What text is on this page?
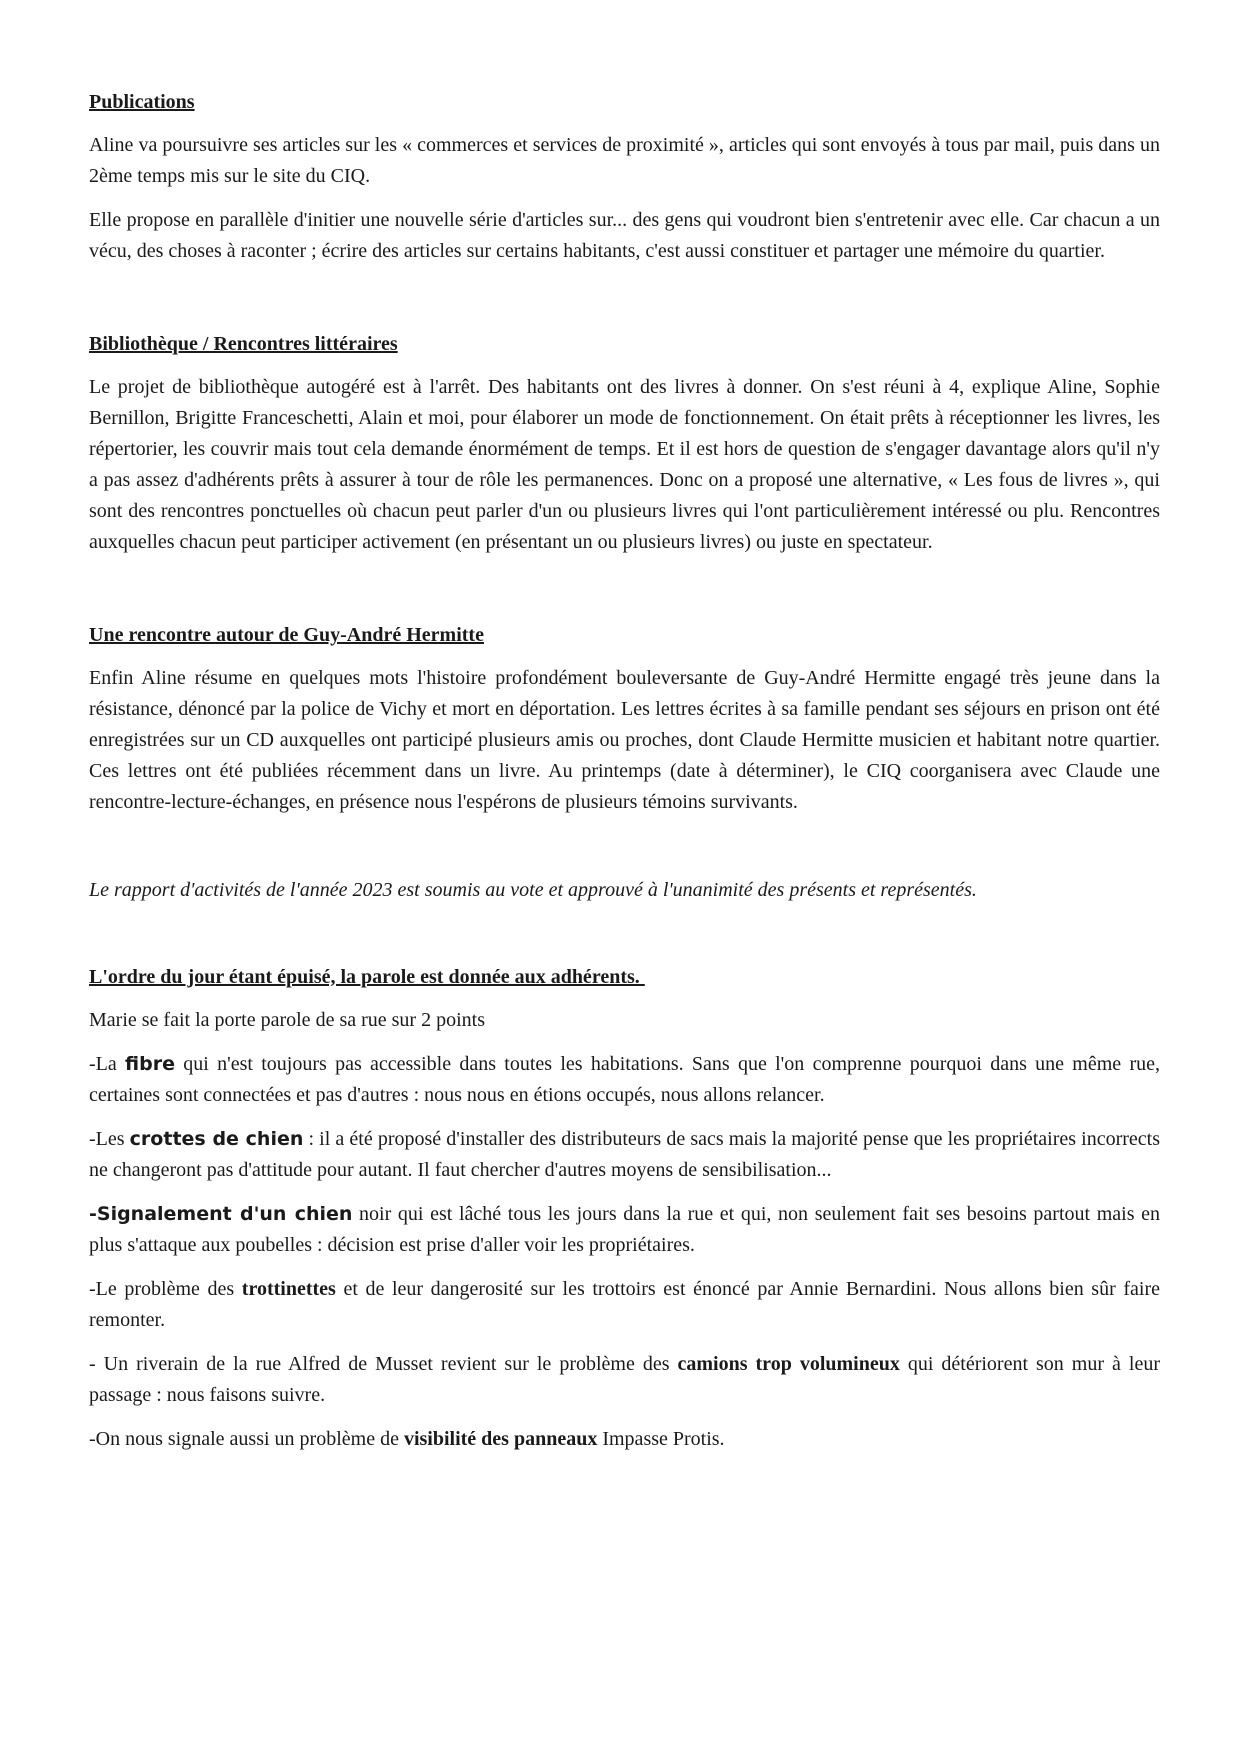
Publications

Aline va poursuivre ses articles sur les « commerces et services de proximité », articles qui sont envoyés à tous par mail, puis dans un 2ème temps mis sur le site du CIQ.

Elle propose en parallèle d'initier une nouvelle série d'articles sur... des gens qui voudront bien s'entretenir avec elle. Car chacun a un vécu, des choses à raconter ; écrire des articles sur certains habitants, c'est aussi constituer et partager une mémoire du quartier.

Bibliothèque / Rencontres littéraires

Le projet de bibliothèque autogéré est à l'arrêt. Des habitants ont des livres à donner. On s'est réuni à 4, explique Aline, Sophie Bernillon, Brigitte Franceschetti, Alain et moi, pour élaborer un mode de fonctionnement. On était prêts à réceptionner les livres, les répertorier, les couvrir mais tout cela demande énormément de temps. Et il est hors de question de s'engager davantage alors qu'il n'y a pas assez d'adhérents prêts à assurer à tour de rôle les permanences. Donc on a proposé une alternative, « Les fous de livres », qui sont des rencontres ponctuelles où chacun peut parler d'un ou plusieurs livres qui l'ont particulièrement intéressé ou plu. Rencontres auxquelles chacun peut participer activement (en présentant un ou plusieurs livres) ou juste en spectateur.

Une rencontre autour de Guy-André Hermitte

Enfin Aline résume en quelques mots l'histoire profondément bouleversante de Guy-André Hermitte engagé très jeune dans la résistance, dénoncé par la police de Vichy et mort en déportation. Les lettres écrites à sa famille pendant ses séjours en prison ont été enregistrées sur un CD auxquelles ont participé plusieurs amis ou proches, dont Claude Hermitte musicien et habitant notre quartier. Ces lettres ont été publiées récemment dans un livre. Au printemps (date à déterminer), le CIQ coorganisera avec Claude une rencontre-lecture-échanges, en présence nous l'espérons de plusieurs témoins survivants.

Le rapport d'activités de l'année 2023 est soumis au vote et approuvé à l'unanimité des présents et représentés.

L'ordre du jour étant épuisé, la parole est donnée aux adhérents.

Marie se fait la porte parole de sa rue sur 2 points

-La fibre qui n'est toujours pas accessible dans toutes les habitations. Sans que l'on comprenne pourquoi dans une même rue, certaines sont connectées et pas d'autres : nous nous en étions occupés, nous allons relancer.

-Les crottes de chien : il a été proposé d'installer des distributeurs de sacs mais la majorité pense que les propriétaires incorrects ne changeront pas d'attitude pour autant. Il faut chercher d'autres moyens de sensibilisation...

-Signalement d'un chien noir qui est lâché tous les jours dans la rue et qui, non seulement fait ses besoins partout mais en plus s'attaque aux poubelles : décision est prise d'aller voir les propriétaires.

-Le problème des trottinettes et de leur dangerosité sur les trottoirs est énoncé par Annie Bernardini. Nous allons bien sûr faire remonter.

- Un riverain de la rue Alfred de Musset revient sur le problème des camions trop volumineux qui détériorent son mur à leur passage : nous faisons suivre.

-On nous signale aussi un problème de visibilité des panneaux Impasse Protis.
